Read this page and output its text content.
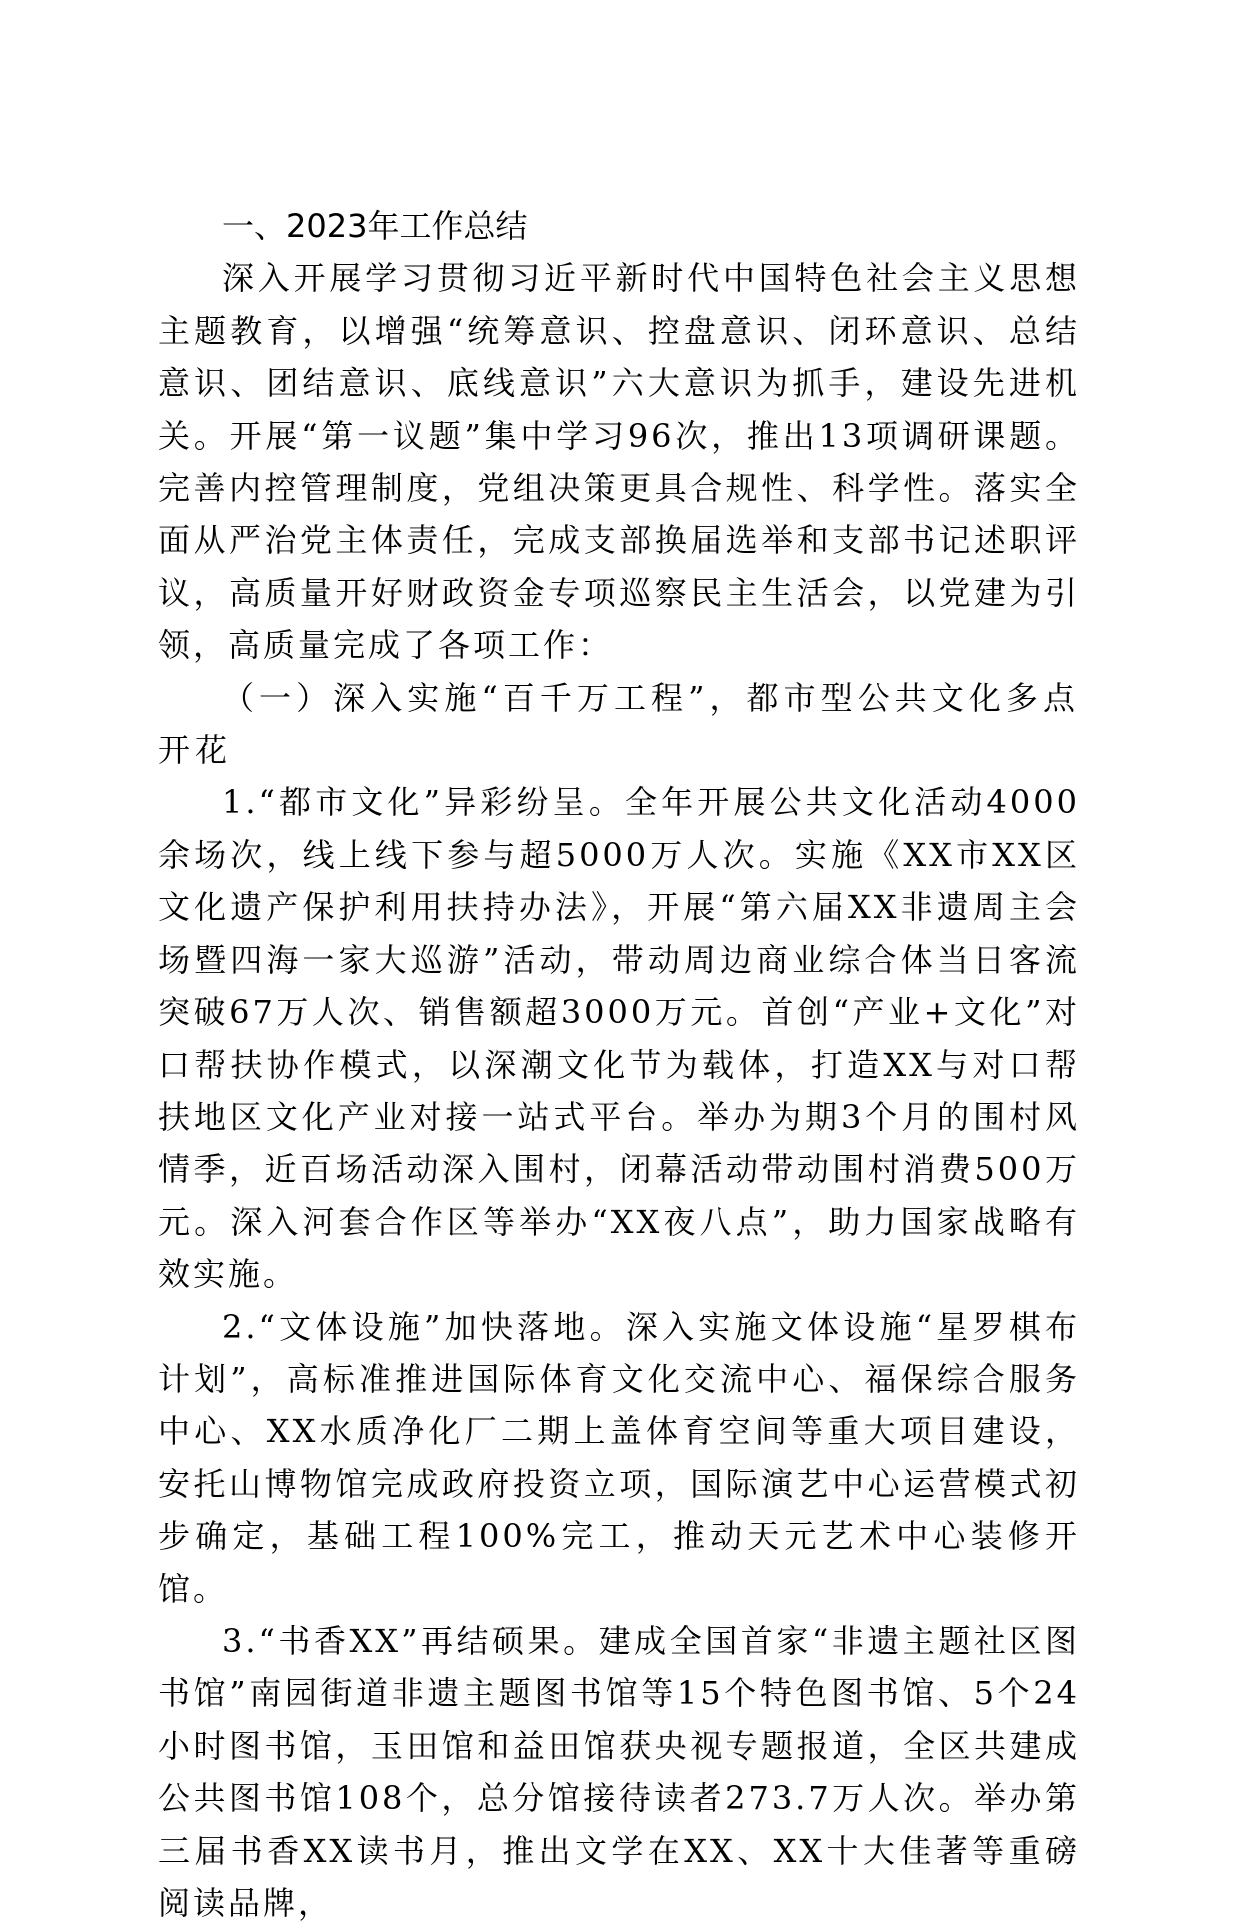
一、2023年工作总结

深入开展学习贯彻习近平新时代中国特色社会主义思想主题教育，以增强“统筹意识、控盘意识、闭环意识、总结意识、团结意识、底线意识”六大意识为抓手，建设先进机关。开展“第一议题”集中学习96次，推出13项调研课题。完善内控管理制度，党组决策更具合规性、科学性。落实全面从严治党主体责任，完成支部换届选举和支部书记述职评议，高质量开好财政资金专项巡察民主生活会，以党建为引领，高质量完成了各项工作：

（一）深入实施“百千万工程”，都市型公共文化多点开花

1.“都市文化”异彩纷呈。全年开展公共文化活动4000余场次，线上线下参与超5000万人次。实施《XX市XX区文化遗产保护利用扶持办法》，开展“第六届XX非遗周主会场暨四海一家大巡游”活动，带动周边商业综合体当日客流突破67万人次、销售额超3000万元。首创“产业+文化”对口帮扶协作模式，以深潮文化节为载体，打造XX与对口帮扶地区文化产业对接一站式平台。举办为期3个月的围村风情季，近百场活动深入围村，闭幕活动带动围村消费500万元。深入河套合作区等举办“XX夜八点”，助力国家战略有效实施。

2.“文体设施”加快落地。深入实施文体设施“星罗棋布计划”，高标准推进国际体育文化交流中心、福保综合服务中心、XX水质净化厂二期上盖体育空间等重大项目建设，安托山博物馆完成政府投资立项，国际演艺中心运营模式初步确定，基础工程100%完工，推动天元艺术中心装修开馆。

3.“书香XX”再结硕果。建成全国首家“非遗主题社区图书馆”南园街道非遗主题图书馆等15个特色图书馆、5个24小时图书馆，玉田馆和益田馆获央视专题报道，全区共建成公共图书馆108个，总分馆接待读者273.7万人次。举办第三届书香XX读书月，推出文学在XX、XX十大佳著等重磅阅读品牌，
